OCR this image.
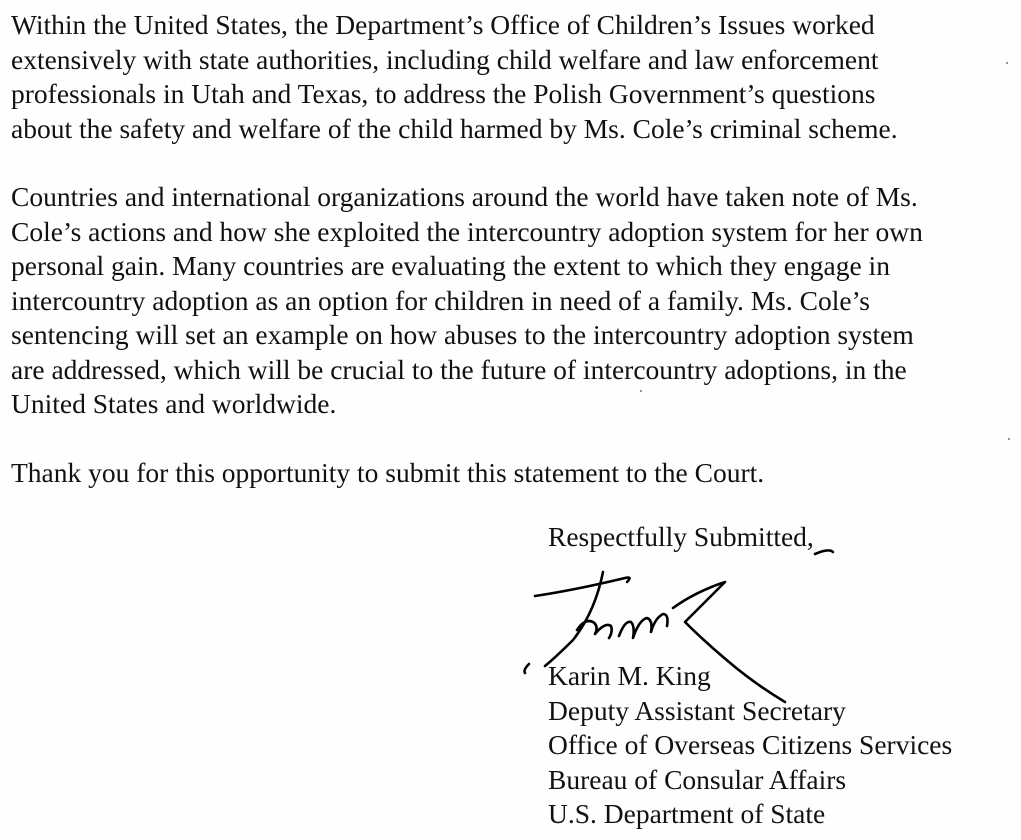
Within the United States, the Department’s Office of Children’s Issues worked
extensively with state authorities, including child welfare and law enforcement
professionals in Utah and Texas, to address the Polish Government’s questions
about the safety and welfare of the child harmed by Ms. Cole’s criminal scheme.

Countries and international organizations around the world have taken note of Ms.
Cole’s actions and how she exploited the intercountry adoption system for her own
personal gain. Many countries are evaluating the extent to which they engage in
intercountry adoption as an option for children in need of a family. Ms. Cole’s
sentencing will set an example on how abuses to the intercountry adoption system
are addressed, which will be crucial to the future of intercountry adoptions, in the
United States and worldwide.

Thank you for this opportunity to submit this statement to the Court.

Respectfully Submitted,
Karin M. King
Deputy Assistant Secretary
Office of Overseas Citizens Services
Bureau of Consular Affairs
U.S. Department of State
